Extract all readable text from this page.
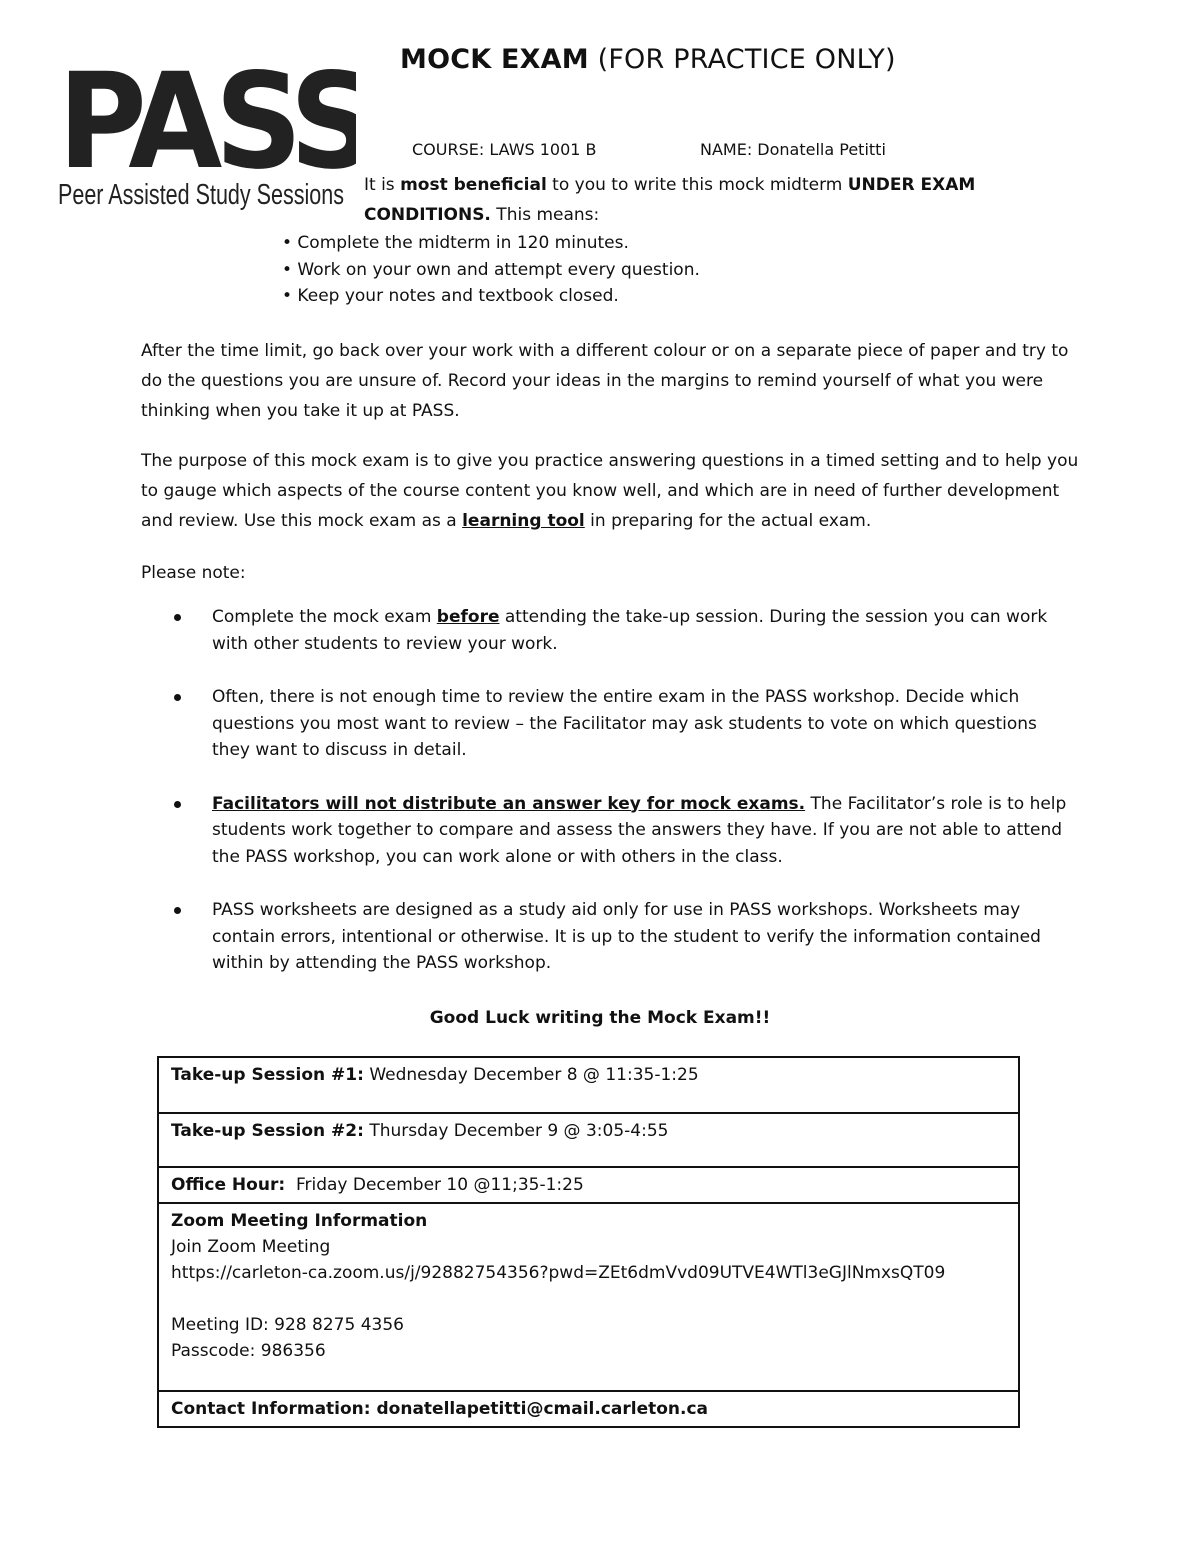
PASS
Peer Assisted Study Sessions
MOCK EXAM (FOR PRACTICE ONLY)
COURSE: LAWS 1001 B	NAME: Donatella Petitti
It is most beneficial to you to write this mock midterm UNDER EXAM CONDITIONS. This means:
• Complete the midterm in 120 minutes.
• Work on your own and attempt every question.
• Keep your notes and textbook closed.
After the time limit, go back over your work with a different colour or on a separate piece of paper and try to do the questions you are unsure of. Record your ideas in the margins to remind yourself of what you were thinking when you take it up at PASS.
The purpose of this mock exam is to give you practice answering questions in a timed setting and to help you to gauge which aspects of the course content you know well, and which are in need of further development and review. Use this mock exam as a learning tool in preparing for the actual exam.
Please note:
Complete the mock exam before attending the take-up session. During the session you can work with other students to review your work.
Often, there is not enough time to review the entire exam in the PASS workshop. Decide which questions you most want to review – the Facilitator may ask students to vote on which questions they want to discuss in detail.
Facilitators will not distribute an answer key for mock exams. The Facilitator’s role is to help students work together to compare and assess the answers they have. If you are not able to attend the PASS workshop, you can work alone or with others in the class.
PASS worksheets are designed as a study aid only for use in PASS workshops. Worksheets may contain errors, intentional or otherwise. It is up to the student to verify the information contained within by attending the PASS workshop.
Good Luck writing the Mock Exam!!
Take-up Session #1: Wednesday December 8 @ 11:35-1:25
Take-up Session #2: Thursday December 9 @ 3:05-4:55
Office Hour:  Friday December 10 @11;35-1:25

Zoom Meeting Information
Join Zoom Meeting
https://carleton-ca.zoom.us/j/92882754356?pwd=ZEt6dmVvd09UTVE4WTl3eGJlNmxsQT09
Meeting ID: 928 8275 4356
Passcode: 986356

Contact Information: donatellapetitti@cmail.carleton.ca
